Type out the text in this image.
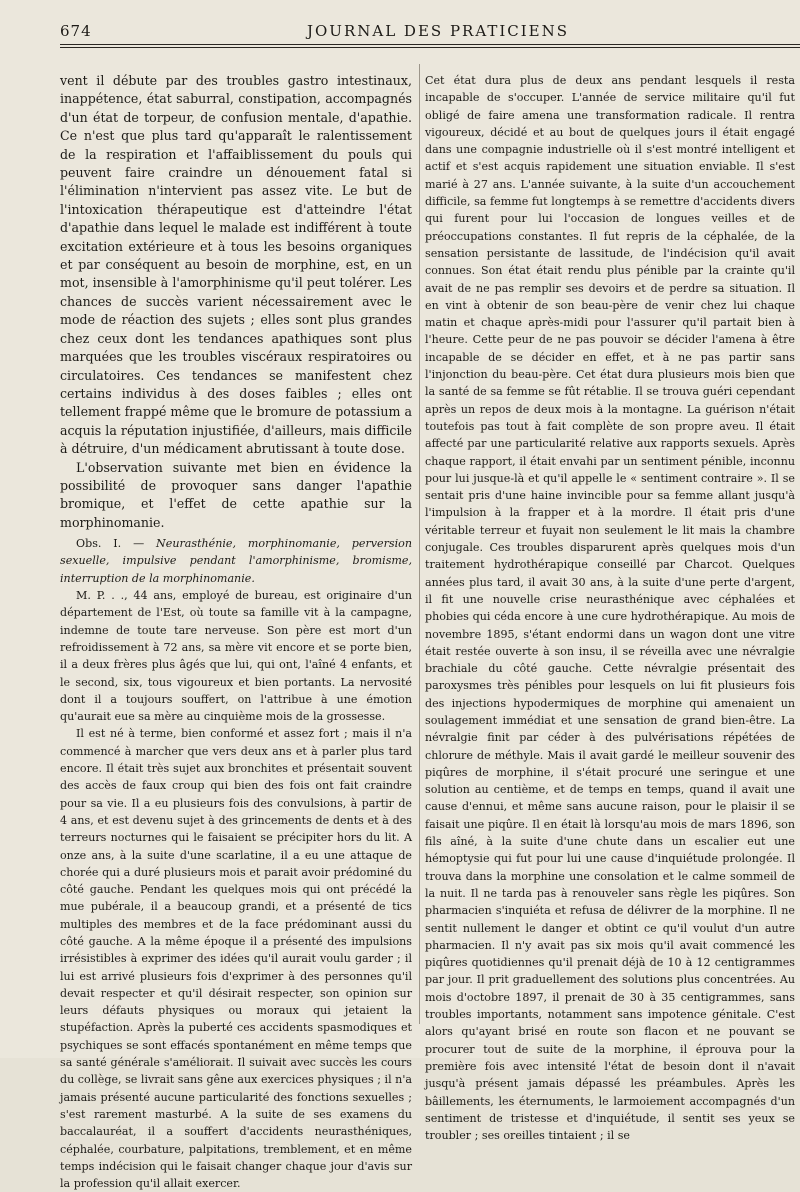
674	JOURNAL DES PRATICIENS

vent il débute par des troubles gastro intestinaux, inappétence, état saburral, constipation, accompagnés d'un état de torpeur, de confusion mentale, d'apathie. Ce n'est que plus tard qu'apparaît le ralentissement de la respiration et l'affaiblissement du pouls qui peuvent faire craindre un dénouement fatal si l'élimination n'intervient pas assez vite. Le but de l'intoxication thérapeutique est d'atteindre l'état d'apathie dans lequel le malade est indifférent à toute excitation extérieure et à tous les besoins organiques et par conséquent au besoin de morphine, est, en un mot, insensible à l'amorphinisme qu'il peut tolérer. Les chances de succès varient nécessairement avec le mode de réaction des sujets ; elles sont plus grandes chez ceux dont les tendances apathiques sont plus marquées que les troubles viscéraux respiratoires ou circulatoires. Ces tendances se manifestent chez certains individus à des doses faibles ; elles ont tellement frappé même que le bromure de potassium a acquis la réputation injustifiée, d'ailleurs, mais difficile à détruire, d'un médicament abrutissant à toute dose.

L'observation suivante met bien en évidence la possibilité de provoquer sans danger l'apathie bromique, et l'effet de cette apathie sur la morphinomanie.

Obs. I. — Neurasthénie, morphinomanie, perversion sexuelle, impulsive pendant l'amorphinisme, bromisme, interruption de la morphinomanie.

M. P. . ., 44 ans, employé de bureau, est originaire d'un département de l'Est, où toute sa famille vit à la campagne, indemne de toute tare nerveuse. Son père est mort d'un refroidissement à 72 ans, sa mère vit encore et se porte bien, il a deux frères plus âgés que lui, qui ont, l'aîné 4 enfants, et le second, six, tous vigoureux et bien portants. La nervosité dont il a toujours souffert, on l'attribue à une émotion qu'aurait eue sa mère au cinquième mois de la grossesse.

Il est né à terme, bien conformé et assez fort ; mais il n'a commencé à marcher que vers deux ans et à parler plus tard encore. Il était très sujet aux bronchites et présentait souvent des accès de faux croup qui bien des fois ont fait craindre pour sa vie. Il a eu plusieurs fois des convulsions, à partir de 4 ans, et est devenu sujet à des grincements de dents et à des terreurs nocturnes qui le faisaient se précipiter hors du lit. A onze ans, à la suite d'une scarlatine, il a eu une attaque de chorée qui a duré plusieurs mois et parait avoir prédominé du côté gauche. Pendant les quelques mois qui ont précédé la mue pubérale, il a beaucoup grandi, et a présenté de tics multiples des membres et de la face prédominant aussi du côté gauche. A la même époque il a présenté des impulsions irrésistibles à exprimer des idées qu'il aurait voulu garder ; il lui est arrivé plusieurs fois d'exprimer à des personnes qu'il devait respecter et qu'il désirait respecter, son opinion sur leurs défauts physiques ou moraux qui jetaient la stupéfaction. Après la puberté ces accidents spasmodiques et psychiques se sont effacés spontanément en même temps que sa santé générale s'améliorait. Il suivait avec succès les cours du collège, se livrait sans gêne aux exercices physiques ; il n'a jamais présenté aucune particularité des fonctions sexuelles ; s'est rarement masturbé. A la suite de ses examens du baccalauréat, il a souffert d'accidents neurasthéniques, céphalée, courbature, palpitations, tremblement, et en même temps indécision qui le faisait changer chaque jour d'avis sur la profession qu'il allait exercer.

Cet état dura plus de deux ans pendant lesquels il resta incapable de s'occuper. L'année de service militaire qu'il fut obligé de faire amena une transformation radicale. Il rentra vigoureux, décidé et au bout de quelques jours il était engagé dans une compagnie industrielle où il s'est montré intelligent et actif et s'est acquis rapidement une situation enviable. Il s'est marié à 27 ans. L'année suivante, à la suite d'un accouchement difficile, sa femme fut longtemps à se remettre d'accidents divers qui furent pour lui l'occasion de longues veilles et de préoccupations constantes. Il fut repris de la céphalée, de la sensation persistante de lassitude, de l'indécision qu'il avait connues. Son état était rendu plus pénible par la crainte qu'il avait de ne pas remplir ses devoirs et de perdre sa situation. Il en vint à obtenir de son beau-père de venir chez lui chaque matin et chaque après-midi pour l'assurer qu'il partait bien à l'heure. Cette peur de ne pas pouvoir se décider l'amena à être incapable de se décider en effet, et à ne pas partir sans l'injonction du beau-père. Cet état dura plusieurs mois bien que la santé de sa femme se fût rétablie. Il se trouva guéri cependant après un repos de deux mois à la montagne. La guérison n'était toutefois pas tout à fait complète de son propre aveu. Il était affecté par une particularité relative aux rapports sexuels. Après chaque rapport, il était envahi par un sentiment pénible, inconnu pour lui jusque-là et qu'il appelle le « sentiment contraire ». Il se sentait pris d'une haine invincible pour sa femme allant jusqu'à l'impulsion à la frapper et à la mordre. Il était pris d'une véritable terreur et fuyait non seulement le lit mais la chambre conjugale. Ces troubles disparurent après quelques mois d'un traitement hydrothérapique conseillé par Charcot. Quelques années plus tard, il avait 30 ans, à la suite d'une perte d'argent, il fit une nouvelle crise neurasthénique avec céphalées et phobies qui céda encore à une cure hydrothérapique. Au mois de novembre 1895, s'étant endormi dans un wagon dont une vitre était restée ouverte à son insu, il se réveilla avec une névralgie brachiale du côté gauche. Cette névralgie présentait des paroxysmes très pénibles pour lesquels on lui fit plusieurs fois des injections hypodermiques de morphine qui amenaient un soulagement immédiat et une sensation de grand bien-être. La névralgie finit par céder à des pulvérisations répétées de chlorure de méthyle. Mais il avait gardé le meilleur souvenir des piqûres de morphine, il s'était procuré une seringue et une solution au centième, et de temps en temps, quand il avait une cause d'ennui, et même sans aucune raison, pour le plaisir il se faisait une piqûre. Il en était là lorsqu'au mois de mars 1896, son fils aîné, à la suite d'une chute dans un escalier eut une hémoptysie qui fut pour lui une cause d'inquiétude prolongée. Il trouva dans la morphine une consolation et le calme sommeil de la nuit. Il ne tarda pas à renouveler sans règle les piqûres. Son pharmacien s'inquiéta et refusa de délivrer de la morphine. Il ne sentit nullement le danger et obtint ce qu'il voulut d'un autre pharmacien. Il n'y avait pas six mois qu'il avait commencé les piqûres quotidiennes qu'il prenait déjà de 10 à 12 centigrammes par jour. Il prit graduellement des solutions plus concentrées. Au mois d'octobre 1897, il prenait de 30 à 35 centigrammes, sans troubles importants, notamment sans impotence génitale. C'est alors qu'ayant brisé en route son flacon et ne pouvant se procurer tout de suite de la morphine, il éprouva pour la première fois avec intensité l'état de besoin dont il n'avait jusqu'à présent jamais dépassé les préambules. Après les bâillements, les éternuments, le larmoiement accompagnés d'un sentiment de tristesse et d'inquiétude, il sentit ses yeux se troubler ; ses oreilles tintaient ; il se
